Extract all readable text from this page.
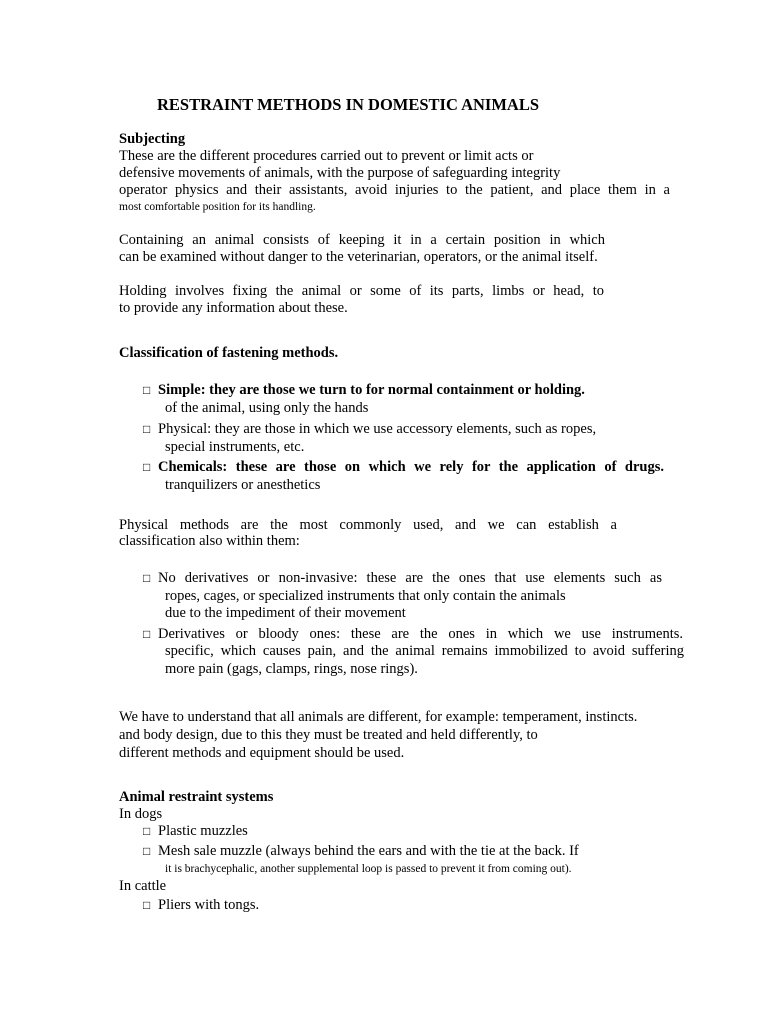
RESTRAINT METHODS IN DOMESTIC ANIMALS
Subjecting
These are the different procedures carried out to prevent or limit acts or
defensive movements of animals, with the purpose of safeguarding integrity
operator physics and their assistants, avoid injuries to the patient, and place them in a
most comfortable position for its handling.
Containing an animal consists of keeping it in a certain position in which
can be examined without danger to the veterinarian, operators, or the animal itself.
Holding involves fixing the animal or some of its parts, limbs or head, to
to provide any information about these.
Classification of fastening methods.
□ Simple: they are those we turn to for normal containment or holding.
of the animal, using only the hands
□ Physical: they are those in which we use accessory elements, such as ropes,
special instruments, etc.
□ Chemicals: these are those on which we rely for the application of drugs.
tranquilizers or anesthetics
Physical methods are the most commonly used, and we can establish a
classification also within them:
□ No derivatives or non-invasive: these are the ones that use elements such as
ropes, cages, or specialized instruments that only contain the animals
due to the impediment of their movement
□ Derivatives or bloody ones: these are the ones in which we use instruments.
specific, which causes pain, and the animal remains immobilized to avoid suffering
more pain (gags, clamps, rings, nose rings).
We have to understand that all animals are different, for example: temperament, instincts.
and body design, due to this they must be treated and held differently, to
different methods and equipment should be used.
Animal restraint systems
In dogs
□ Plastic muzzles
□ Mesh sale muzzle (always behind the ears and with the tie at the back. If
it is brachycephalic, another supplemental loop is passed to prevent it from coming out).
In cattle
□ Pliers with tongs.
